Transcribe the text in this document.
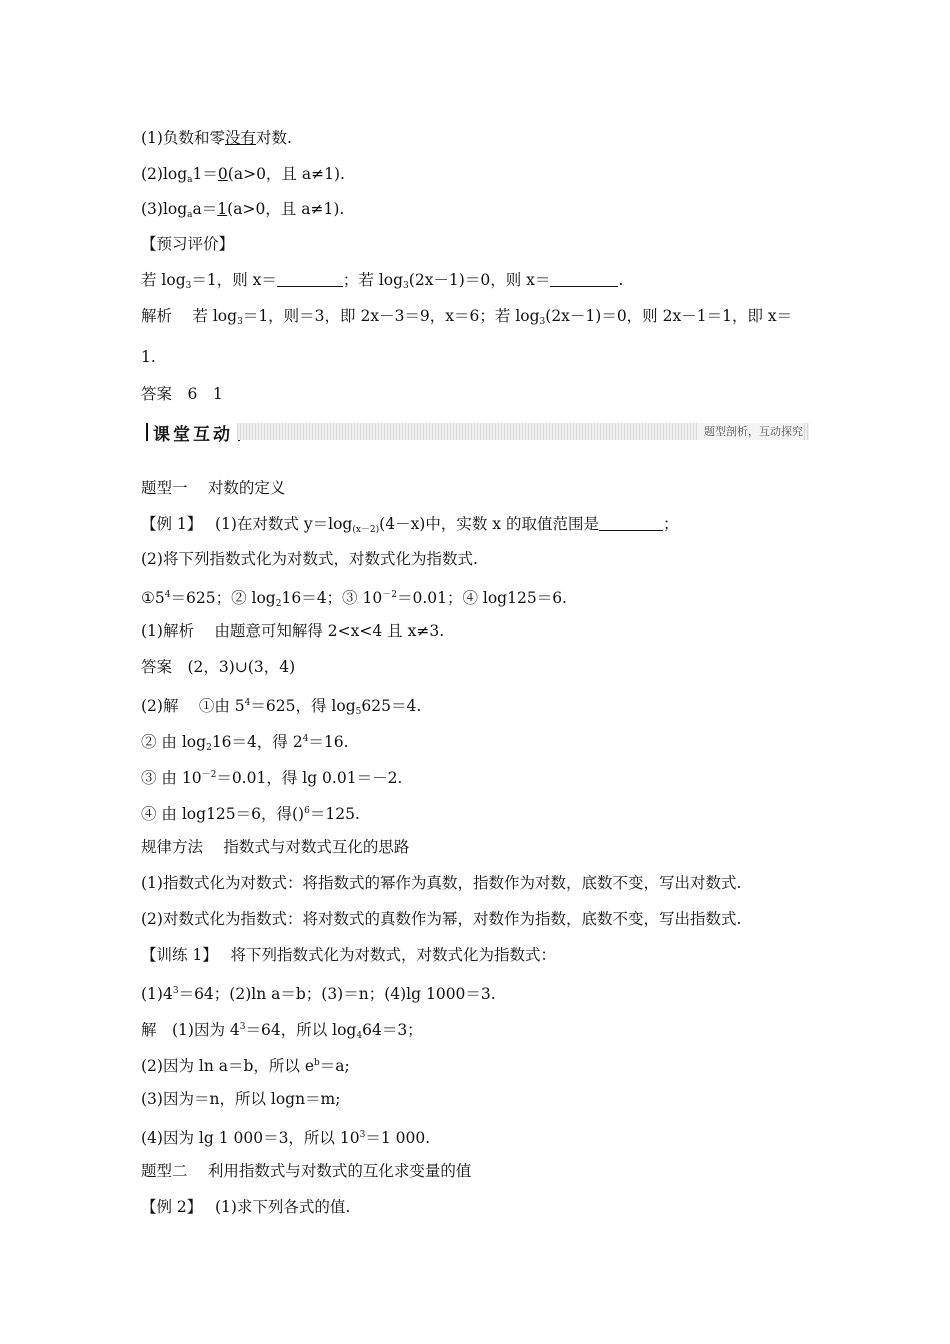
(1)负数和零没有对数.
$(2)\log_a1=0(a>0$，且 a≠1).
$(3)\log_aa=1(a>0$，且 a≠1).
【预习评价】
若 $\log_3=1$，则 x＝	；若 $\log_3(2x-1)=0$，则 x＝	.
解析　 若 $\log_3=1$，则＝3，即 2x－3＝9，x＝6；若 $\log_3(2x-1)=0$，则 2x－1＝1，即 x＝
1.
答案　6　1
课堂互动	题型剖析，互动探究
题型一　 对数的定义
【例 1】　 (1)在对数式 $y=\log_{(x-2)}(4-x)$中，实数 x 的取值范围是	；
(2)将下列指数式化为对数式，对数式化为指数式.
$①5^4=625$；② $\log_216=4$；③ $10^{-2}=0.01$；④ log125＝6.
(1)解析　 由题意可知解得 2<x<4 且 x≠3.
答案　(2，3)∪(3，4)
(2)解　 ①由 $5^4=625$，得 $\log_5625=4$.
② 由 $\log_216=4$，得 $2^4=16$.
③ 由 $10^{-2}=0.01$，得 lg 0.01＝－2.
④ 由 log125＝6，得()$^6$＝125.
规律方法　 指数式与对数式互化的思路
(1)指数式化为对数式：将指数式的幂作为真数，指数作为对数，底数不变，写出对数式.
(2)对数式化为指数式：将对数式的真数作为幂，对数作为指数，底数不变，写出指数式.
【训练 1】　 将下列指数式化为对数式，对数式化为指数式：
$(1)4^3=64$；(2)ln a＝b；(3)＝n；(4)lg 1000＝3.
解　(1)因为 $4^3=64$，所以 $\log_464=3$；
(2)因为 ln a＝b，所以 $e^b=a$;
(3)因为＝n，所以 logn＝m;
(4)因为 lg 1 000＝3，所以 $10^3=1$ 000.
题型二　 利用指数式与对数式的互化求变量的值
【例 2】　 (1)求下列各式的值.
